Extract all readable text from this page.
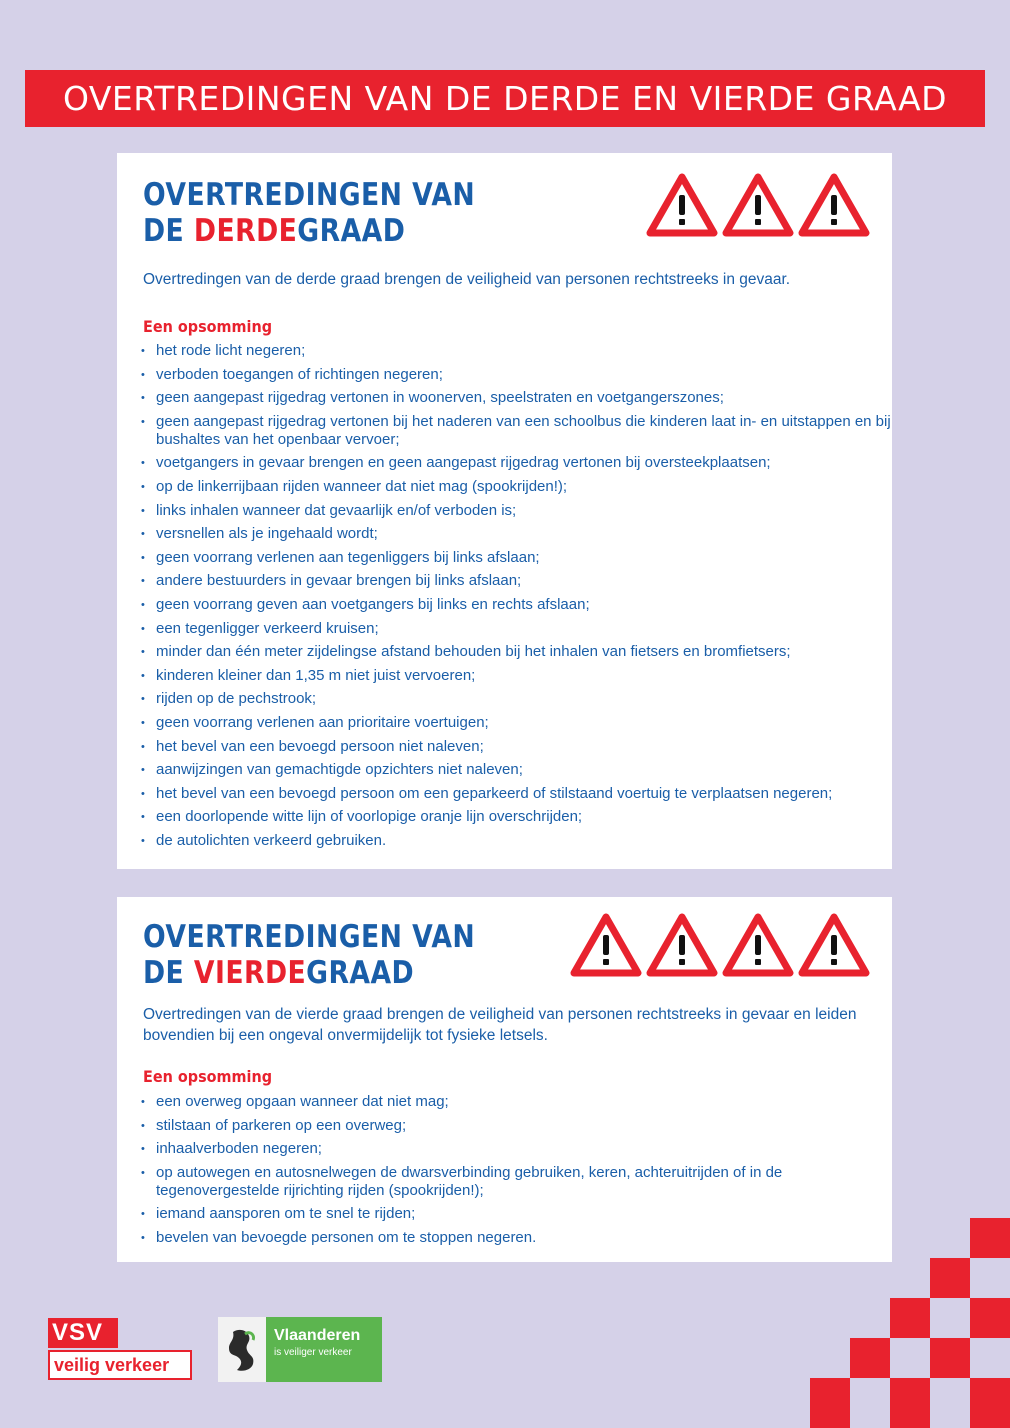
OVERTREDINGEN VAN DE DERDE EN VIERDE GRAAD
OVERTREDINGEN VAN
DE DERDEGRAAD
Overtredingen van de derde graad brengen de veiligheid van personen rechtstreeks in gevaar.
Een opsomming
• het rode licht negeren;
• verboden toegangen of richtingen negeren;
• geen aangepast rijgedrag vertonen in woonerven, speelstraten en voetgangerszones;
• geen aangepast rijgedrag vertonen bij het naderen van een schoolbus die kinderen laat in- en uitstappen en bij bushaltes van het openbaar vervoer;
• voetgangers in gevaar brengen en geen aangepast rijgedrag vertonen bij oversteekplaatsen;
• op de linkerrijbaan rijden wanneer dat niet mag (spookrijden!);
• links inhalen wanneer dat gevaarlijk en/of verboden is;
• versnellen als je ingehaald wordt;
• geen voorrang verlenen aan tegenliggers bij links afslaan;
• andere bestuurders in gevaar brengen bij links afslaan;
• geen voorrang geven aan voetgangers bij links en rechts afslaan;
• een tegenligger verkeerd kruisen;
• minder dan één meter zijdelingse afstand behouden bij het inhalen van fietsers en bromfietsers;
• kinderen kleiner dan 1,35 m niet juist vervoeren;
• rijden op de pechstrook;
• geen voorrang verlenen aan prioritaire voertuigen;
• het bevel van een bevoegd persoon niet naleven;
• aanwijzingen van gemachtigde opzichters niet naleven;
• het bevel van een bevoegd persoon om een geparkeerd of stilstaand voertuig te verplaatsen negeren;
• een doorlopende witte lijn of voorlopige oranje lijn overschrijden;
• de autolichten verkeerd gebruiken.
OVERTREDINGEN VAN
DE VIERDEGRAAD
Overtredingen van de vierde graad brengen de veiligheid van personen rechtstreeks in gevaar en leiden bovendien bij een ongeval onvermijdelijk tot fysieke letsels.
Een opsomming
• een overweg opgaan wanneer dat niet mag;
• stilstaan of parkeren op een overweg;
• inhaalverboden negeren;
• op autowegen en autosnelwegen de dwarsverbinding gebruiken, keren, achteruitrijden of in de tegenovergestelde rijrichting rijden (spookrijden!);
• iemand aansporen om te snel te rijden;
• bevelen van bevoegde personen om te stoppen negeren.
VSV
veilig verkeer
Vlaanderen
is veiliger verkeer
